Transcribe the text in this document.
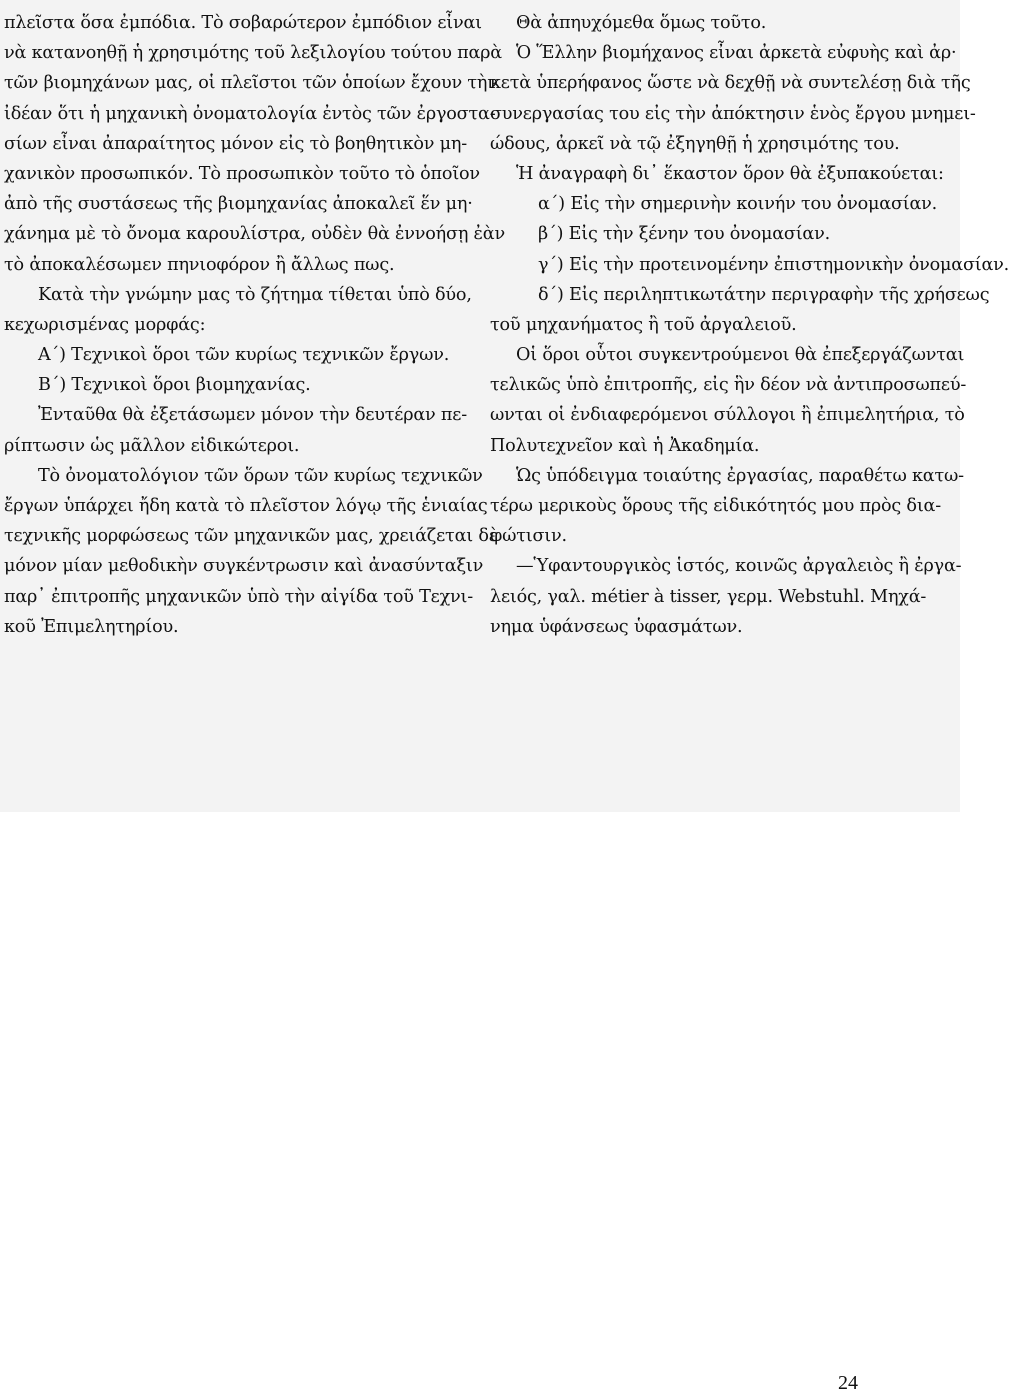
πλεῖστα ὅσα ἐμπόδια. Τὸ σοβαρώτερον ἐμπόδιον εἶναι
νὰ κατανοηθῇ ἡ χρησιμότης τοῦ λεξιλογίου τούτου παρὰ
τῶν βιομηχάνων μας, οἱ πλεῖστοι τῶν ὁποίων ἔχουν τὴν
ἰδέαν ὅτι ἡ μηχανικὴ ὀνοματολογία ἐντὸς τῶν ἐργοστα-
σίων εἶναι ἀπαραίτητος μόνον εἰς τὸ βοηθητικὸν μη-
χανικὸν προσωπικόν. Τὸ προσωπικὸν τοῦτο τὸ ὁποῖον
ἀπὸ τῆς συστάσεως τῆς βιομηχανίας ἀποκαλεῖ ἕν μη·
χάνημα μὲ τὸ ὄνομα καρουλίστρα, οὐδὲν θὰ ἐννοήσῃ ἐὰν
τὸ ἀποκαλέσωμεν πηνιοφόρον ἢ ἄλλως πως.
Κατὰ τὴν γνώμην μας τὸ ζήτημα τίθεται ὑπὸ δύο,
κεχωρισμένας μορφάς:
Α΄) Τεχνικοὶ ὅροι τῶν κυρίως τεχνικῶν ἔργων.
Β΄) Τεχνικοὶ ὅροι βιομηχανίας.
Ἐνταῦθα θὰ ἐξετάσωμεν μόνον τὴν δευτέραν πε-
ρίπτωσιν ὡς μᾶλλον εἰδικώτεροι.
Τὸ ὀνοματολόγιον τῶν ὅρων τῶν κυρίως τεχνικῶν
ἔργων ὑπάρχει ἤδη κατὰ τὸ πλεῖστον λόγῳ τῆς ἑνιαίας
τεχνικῆς μορφώσεως τῶν μηχανικῶν μας, χρειάζεται δὲ
μόνον μίαν μεθοδικὴν συγκέντρωσιν καὶ ἀνασύνταξιν
παρ᾽ ἐπιτροπῆς μηχανικῶν ὑπὸ τὴν αἰγίδα τοῦ Τεχνι-
κοῦ Ἐπιμελητηρίου.
Θὰ ἀπηυχόμεθα ὅμως τοῦτο.
Ὁ Ἕλλην βιομήχανος εἶναι ἀρκετὰ εὐφυὴς καὶ ἀρ·
κετὰ ὑπερήφανος ὥστε νὰ δεχθῇ νὰ συντελέσῃ διὰ τῆς
συνεργασίας του εἰς τὴν ἀπόκτησιν ἑνὸς ἔργου μνημει-
ώδους, ἀρκεῖ νὰ τῷ ἐξηγηθῇ ἡ χρησιμότης του.
Ἡ ἀναγραφὴ δι᾽ ἕκαστον ὅρον θὰ ἐξυπακούεται:
α΄) Εἰς τὴν σημερινὴν κοινήν του ὀνομασίαν.
β΄) Εἰς τὴν ξένην του ὀνομασίαν.
γ΄) Εἰς τὴν προτεινομένην ἐπιστημονικὴν ὀνομασίαν.
δ΄) Εἰς περιληπτικωτάτην περιγραφὴν τῆς χρήσεως
τοῦ μηχανήματος ἢ τοῦ ἀργαλειοῦ.
Οἱ ὅροι οὗτοι συγκεντρούμενοι θὰ ἐπεξεργάζωνται
τελικῶς ὑπὸ ἐπιτροπῆς, εἰς ἣν δέον νὰ ἀντιπροσωπεύ-
ωνται οἱ ἐνδιαφερόμενοι σύλλογοι ἢ ἐπιμελητήρια, τὸ
Πολυτεχνεῖον καὶ ἡ Ἀκαδημία.
Ὡς ὑπόδειγμα τοιαύτης ἐργασίας, παραθέτω κατω-
τέρω μερικοὺς ὅρους τῆς εἰδικότητός μου πρὸς δια-
φώτισιν.
—Ὑφαντουργικὸς ἱστός, κοινῶς ἀργαλειὸς ἢ ἐργα-
λειός, γαλ. métier à tisser, γερμ. Webstuhl. Μηχά-
νημα ὑφάνσεως ὑφασμάτων.
24
